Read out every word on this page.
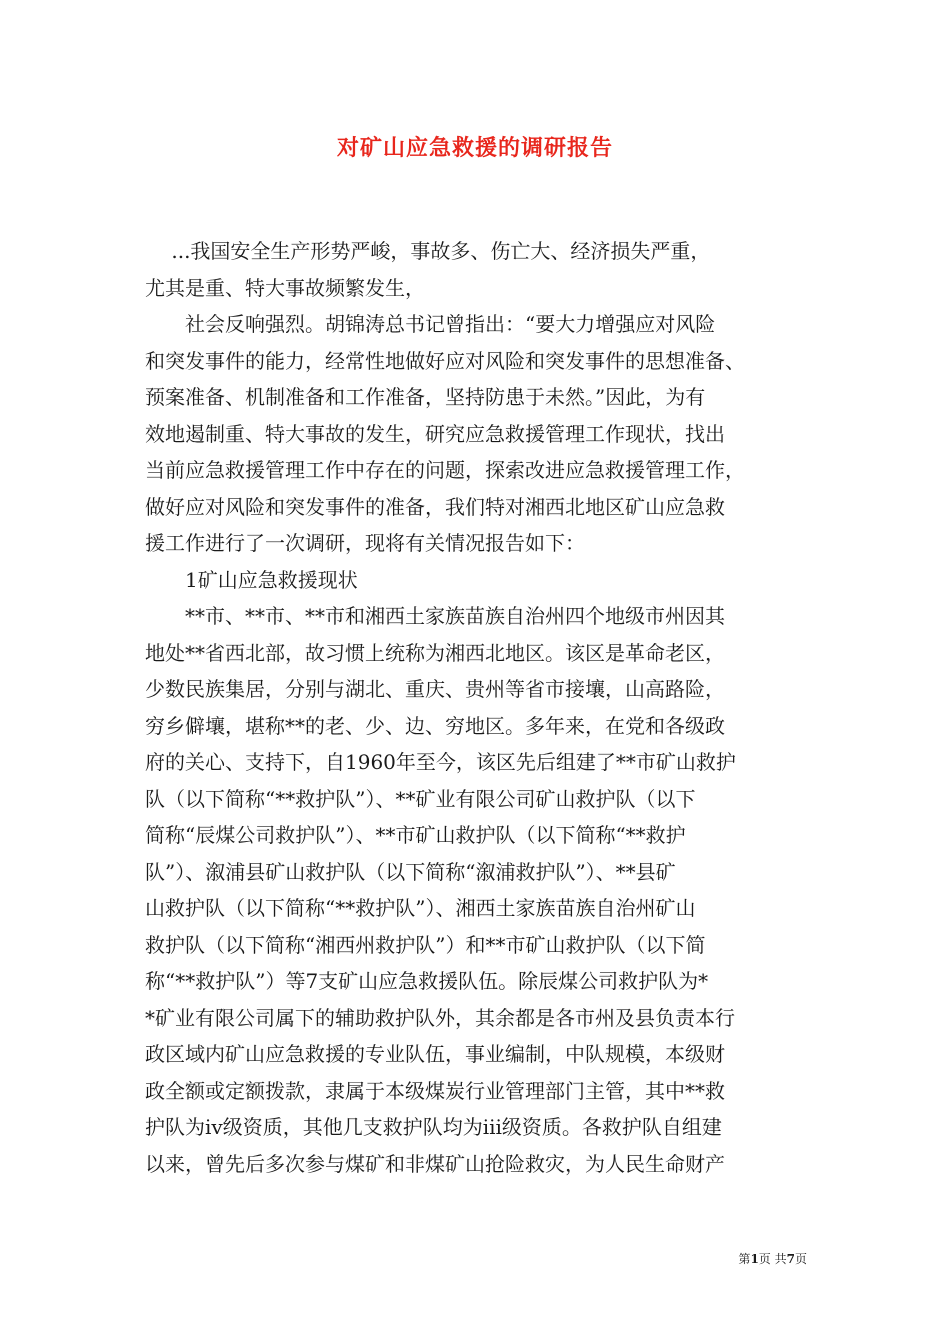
对矿山应急救援的调研报告
　 ...我国安全生产形势严峻，事故多、伤亡大、经济损失严重，
尤其是重、特大事故频繁发生，
　　社会反响强烈。胡锦涛总书记曾指出：“要大力增强应对风险
和突发事件的能力，经常性地做好应对风险和突发事件的思想准备、
预案准备、机制准备和工作准备，坚持防患于未然。”因此，为有
效地遏制重、特大事故的发生，研究应急救援管理工作现状，找出
当前应急救援管理工作中存在的问题，探索改进应急救援管理工作，
做好应对风险和突发事件的准备，我们特对湘西北地区矿山应急救
援工作进行了一次调研，现将有关情况报告如下：
　　1矿山应急救援现状
　　**市、**市、**市和湘西土家族苗族自治州四个地级市州因其
地处**省西北部，故习惯上统称为湘西北地区。该区是革命老区，
少数民族集居，分别与湖北、重庆、贵州等省市接壤，山高路险，
穷乡僻壤，堪称**的老、少、边、穷地区。多年来，在党和各级政
府的关心、支持下，自1960年至今，该区先后组建了**市矿山救护
队（以下简称“**救护队”）、**矿业有限公司矿山救护队（以下
简称“辰煤公司救护队”）、**市矿山救护队（以下简称“**救护
队”）、溆浦县矿山救护队（以下简称“溆浦救护队”）、**县矿
山救护队（以下简称“**救护队”）、湘西土家族苗族自治州矿山
救护队（以下简称“湘西州救护队”）和**市矿山救护队（以下简
称“**救护队”）等7支矿山应急救援队伍。除辰煤公司救护队为*
*矿业有限公司属下的辅助救护队外，其余都是各市州及县负责本行
政区域内矿山应急救援的专业队伍，事业编制，中队规模，本级财
政全额或定额拨款，隶属于本级煤炭行业管理部门主管，其中**救
护队为ⅳ级资质，其他几支救护队均为ⅲ级资质。各救护队自组建
以来，曾先后多次参与煤矿和非煤矿山抢险救灾，为人民生命财产
第1页 共7页
